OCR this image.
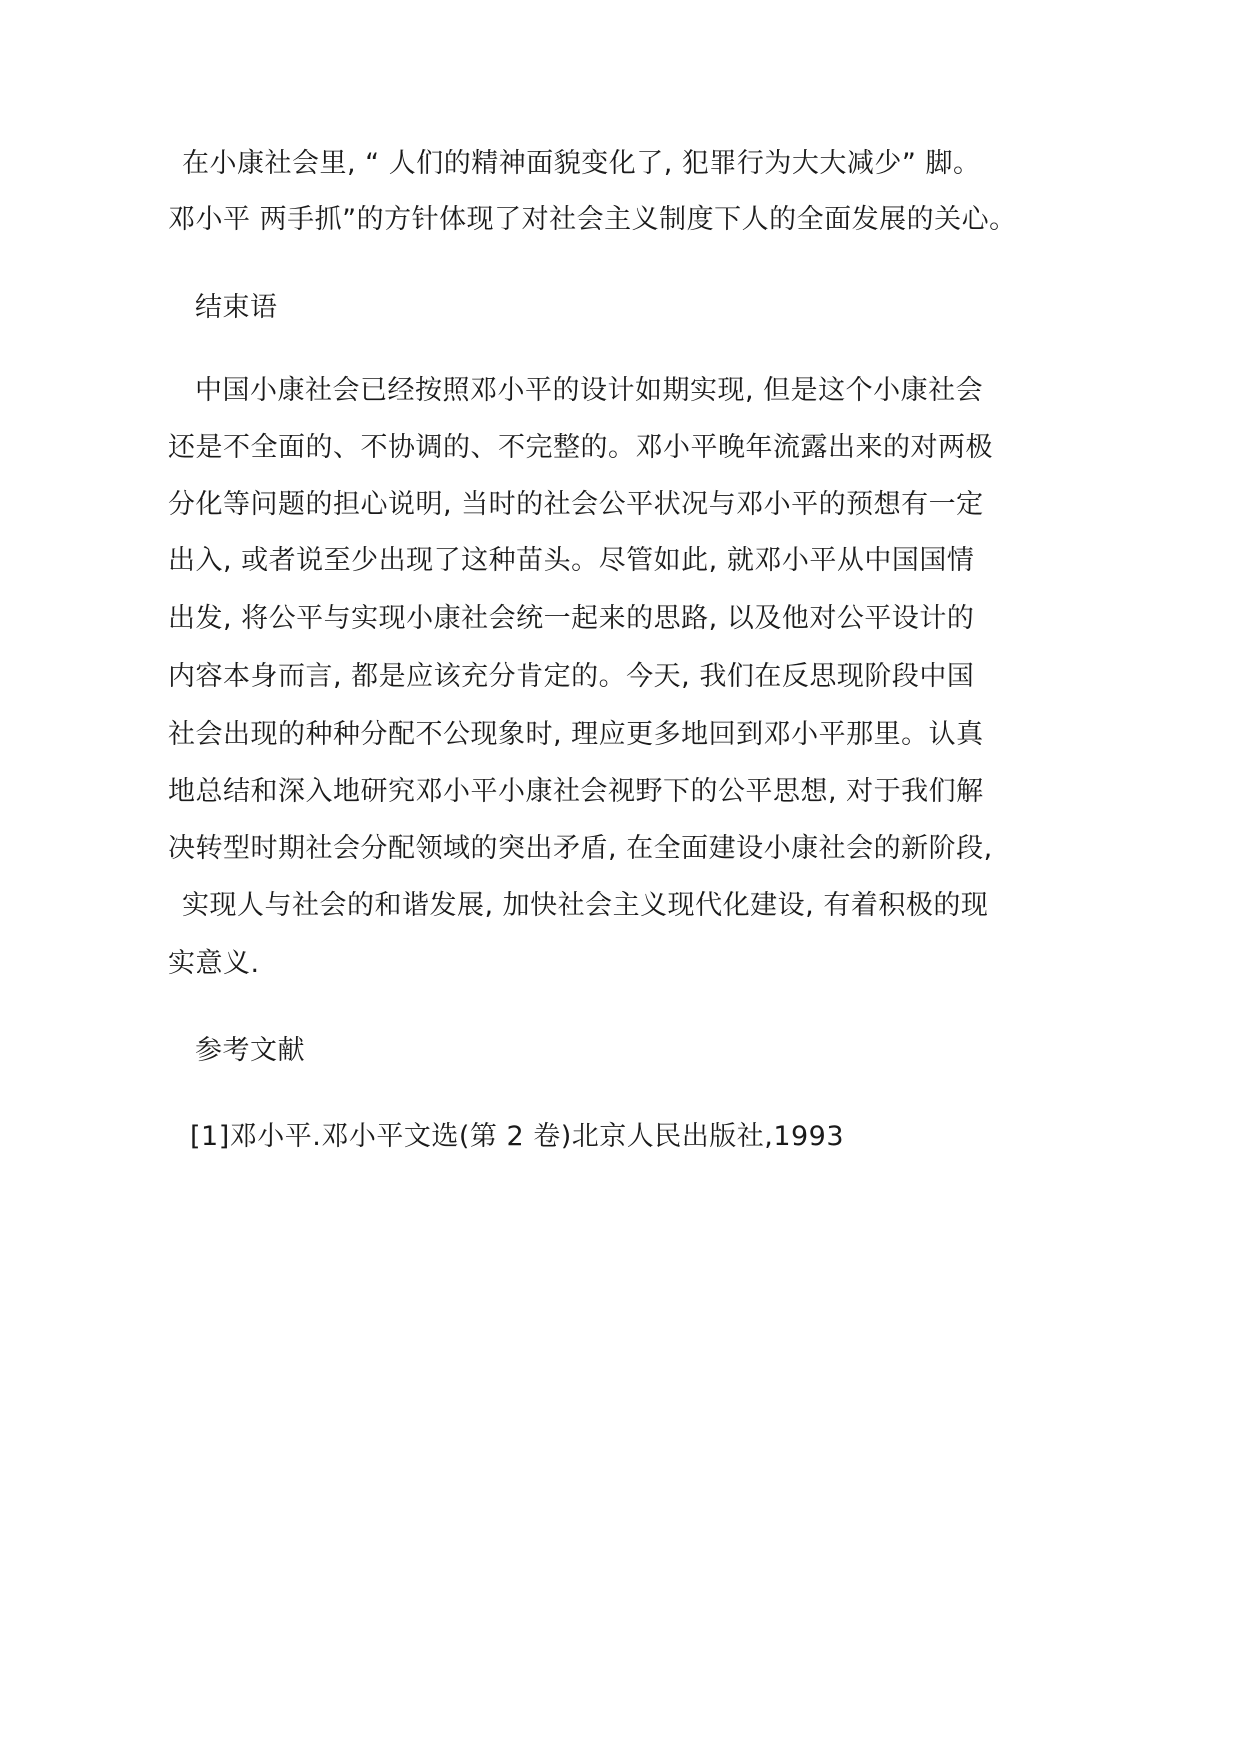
在小康社会里, “ 人们的精神面貌变化了, 犯罪行为大大减少” 脚。
邓小平 两手抓”的方针体现了对社会主义制度下人的全面发展的关心。
结束语
中国小康社会已经按照邓小平的设计如期实现, 但是这个小康社会
还是不全面的、不协调的、不完整的。邓小平晚年流露出来的对两极
分化等问题的担心说明, 当时的社会公平状况与邓小平的预想有一定
出入, 或者说至少出现了这种苗头。尽管如此, 就邓小平从中国国情
出发, 将公平与实现小康社会统一起来的思路, 以及他对公平设计的
内容本身而言, 都是应该充分肯定的。今天, 我们在反思现阶段中国
社会出现的种种分配不公现象时, 理应更多地回到邓小平那里。认真
地总结和深入地研究邓小平小康社会视野下的公平思想, 对于我们解
决转型时期社会分配领域的突出矛盾, 在全面建设小康社会的新阶段,
实现人与社会的和谐发展, 加快社会主义现代化建设, 有着积极的现
实意义.
参考文献
[1]邓小平.邓小平文选(第 2 卷)北京人民出版社,1993
